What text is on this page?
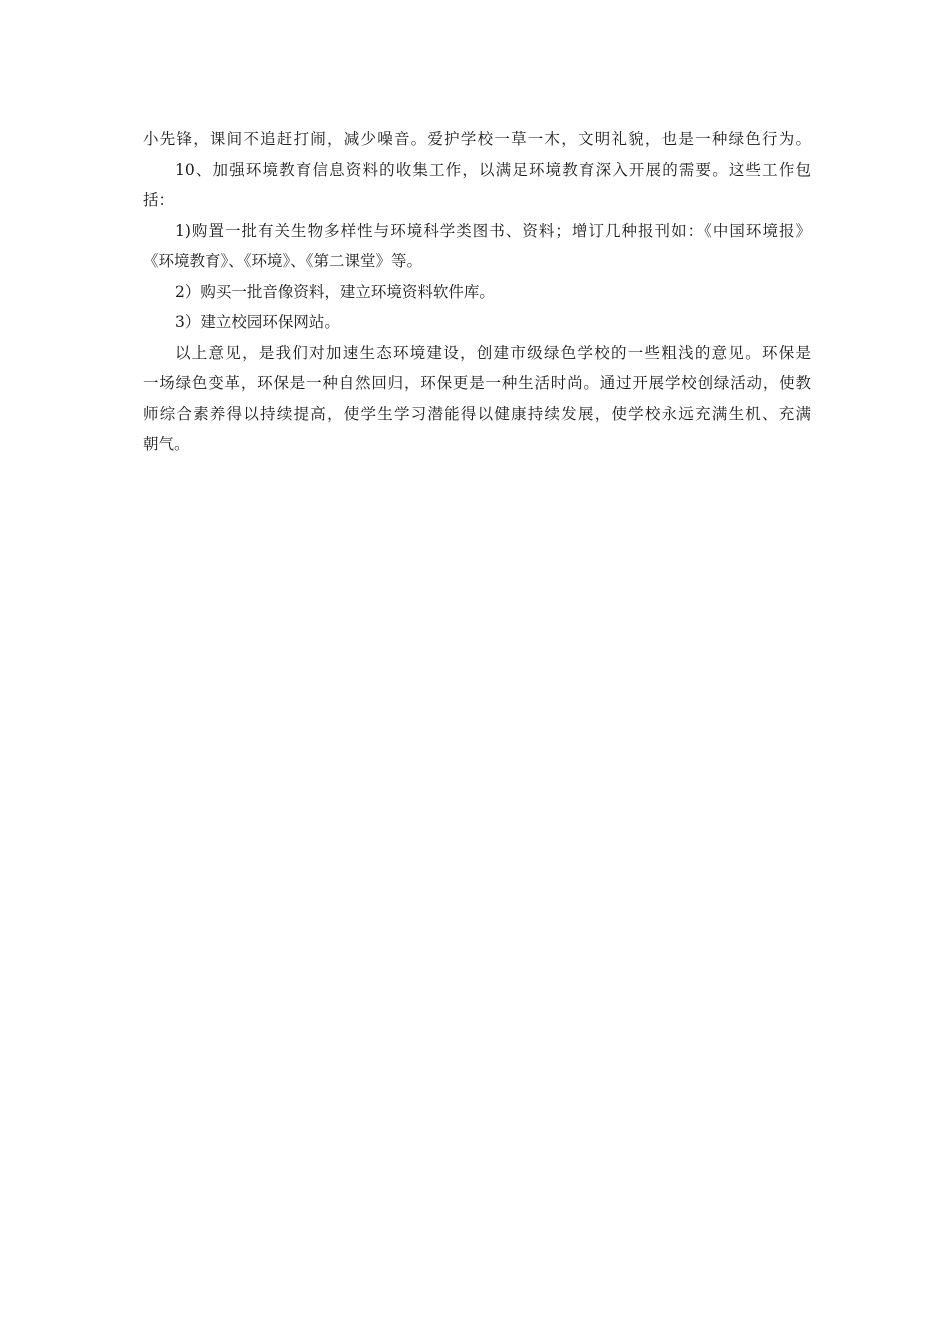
小先锋，课间不追赶打闹，减少噪音。爱护学校一草一木，文明礼貌，也是一种绿色行为。
10、加强环境教育信息资料的收集工作，以满足环境教育深入开展的需要。这些工作包
括：
1)购置一批有关生物多样性与环境科学类图书、资料；增订几种报刊如：《中国环境报》
《环境教育》、《环境》、《第二课堂》等。
2）购买一批音像资料，建立环境资料软件库。
3）建立校园环保网站。
以上意见，是我们对加速生态环境建设，创建市级绿色学校的一些粗浅的意见。环保是
一场绿色变革，环保是一种自然回归，环保更是一种生活时尚。通过开展学校创绿活动，使教
师综合素养得以持续提高，使学生学习潜能得以健康持续发展，使学校永远充满生机、充满
朝气。
